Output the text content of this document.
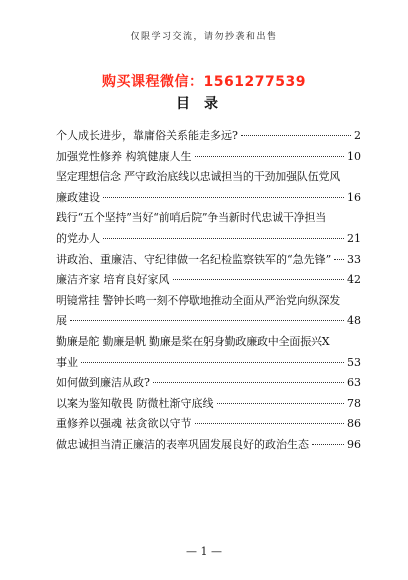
仅限学习交流，请勿抄袭和出售
购买课程微信：1561277539
目录
个人成长进步，靠庸俗关系能走多远?	2
加强党性修养 构筑健康人生	10
坚定理想信念 严守政治底线以忠诚担当的干劲加强队伍党风
廉政建设	16
践行“五个坚持”当好“前哨后院”争当新时代忠诚干净担当
的党办人	21
讲政治、重廉洁、守纪律做一名纪检监察铁军的“急先锋” 33
廉洁齐家 培育良好家风	42
明镜常挂 警钟长鸣一刻不停歇地推动全面从严治党向纵深发
展	48
勤廉是舵 勤廉是帆 勤廉是桨在躬身勤政廉政中全面振兴X
事业	53
如何做到廉洁从政?	63
以案为鉴知敬畏 防微杜渐守底线	78
重修养以强魂 祛贪欲以守节	86
做忠诚担当清正廉洁的表率巩固发展良好的政治生态	96
— 1 —
